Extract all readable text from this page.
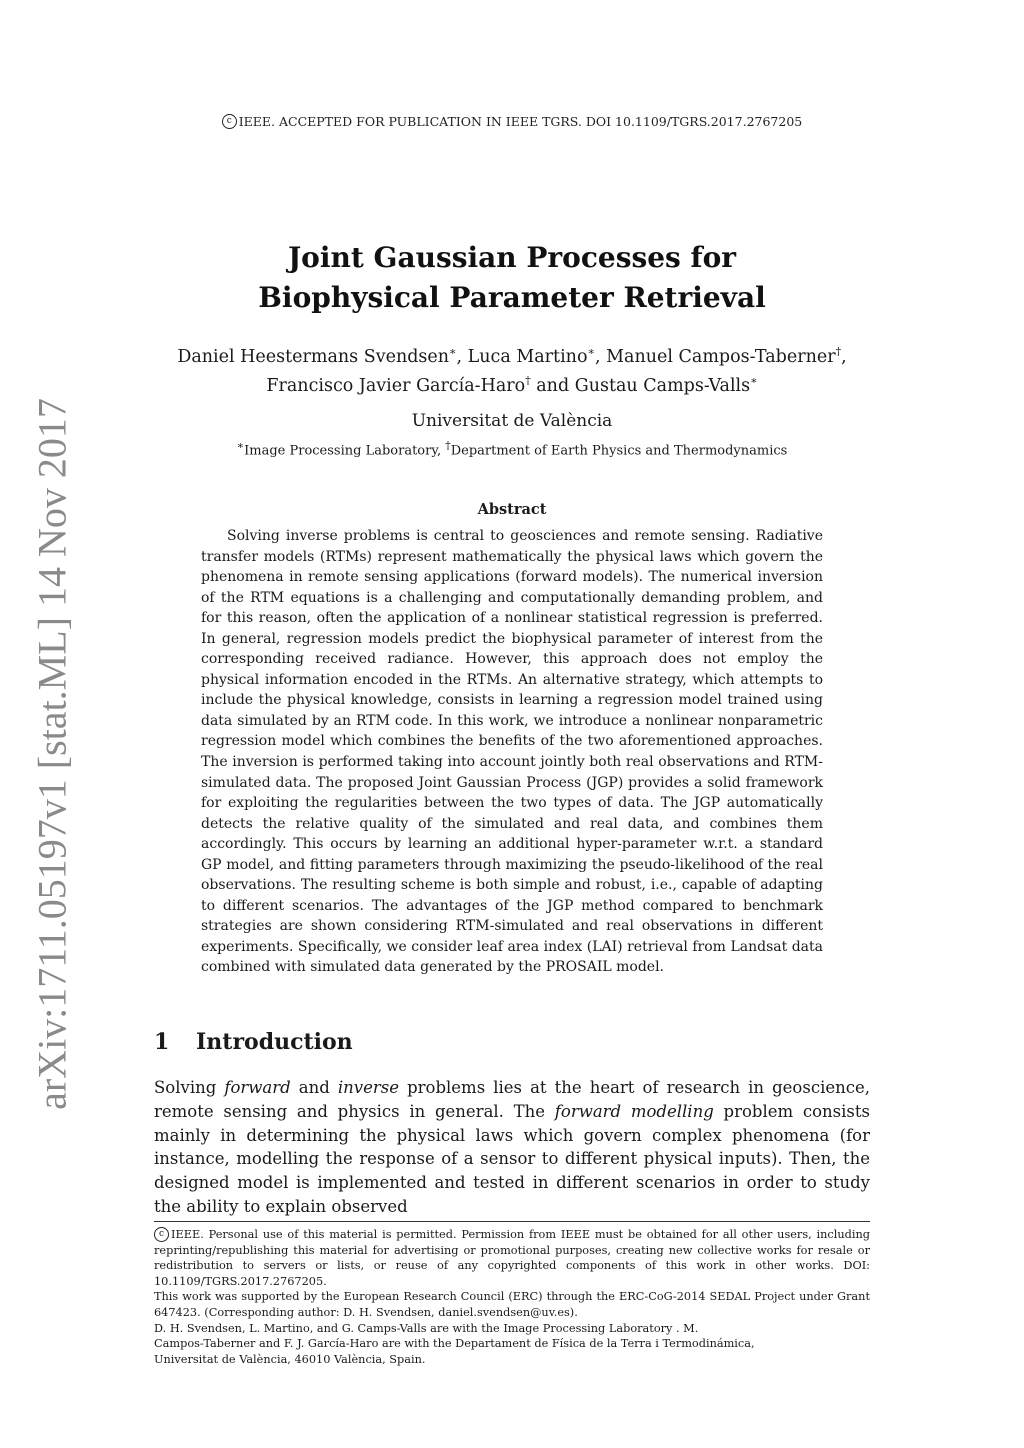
arXiv:1711.05197v1 [stat.ML] 14 Nov 2017
c IEEE. ACCEPTED FOR PUBLICATION IN IEEE TGRS. DOI 10.1109/TGRS.2017.2767205
Joint Gaussian Processes for
Biophysical Parameter Retrieval
Daniel Heestermans Svendsen∗, Luca Martino∗, Manuel Campos-Taberner†,
Francisco Javier García-Haro† and Gustau Camps-Valls∗
Universitat de València
∗Image Processing Laboratory, †Department of Earth Physics and Thermodynamics
Abstract

Solving inverse problems is central to geosciences and remote sensing. Radiative transfer models (RTMs) represent mathematically the physical laws which govern the phenomena in remote sensing applications (forward models). The numerical inversion of the RTM equations is a challenging and computationally demanding problem, and for this reason, often the application of a nonlinear statistical regression is preferred. In general, regression models predict the biophysical parameter of interest from the corresponding received radiance. However, this approach does not employ the physical information encoded in the RTMs. An alternative strategy, which attempts to include the physical knowledge, consists in learning a regression model trained using data simulated by an RTM code. In this work, we introduce a nonlinear nonparametric regression model which combines the benefits of the two aforementioned approaches. The inversion is performed taking into account jointly both real observations and RTM-simulated data. The proposed Joint Gaussian Process (JGP) provides a solid framework for exploiting the regularities between the two types of data. The JGP automatically detects the relative quality of the simulated and real data, and combines them accordingly. This occurs by learning an additional hyper-parameter w.r.t. a standard GP model, and fitting parameters through maximizing the pseudo-likelihood of the real observations. The resulting scheme is both simple and robust, i.e., capable of adapting to different scenarios. The advantages of the JGP method compared to benchmark strategies are shown considering RTM-simulated and real observations in different experiments. Specifically, we consider leaf area index (LAI) retrieval from Landsat data combined with simulated data generated by the PROSAIL model.

1 Introduction

Solving forward and inverse problems lies at the heart of research in geoscience, remote sensing and physics in general. The forward modelling problem consists mainly in determining the physical laws which govern complex phenomena (for instance, modelling the response of a sensor to different physical inputs). Then, the designed model is implemented and tested in different scenarios in order to study the ability to explain observed

c IEEE. Personal use of this material is permitted. Permission from IEEE must be obtained for all other users, including reprinting/republishing this material for advertising or promotional purposes, creating new collective works for resale or redistribution to servers or lists, or reuse of any copyrighted components of this work in other works. DOI: 10.1109/TGRS.2017.2767205.

This work was supported by the European Research Council (ERC) through the ERC-CoG-2014 SEDAL Project under Grant 647423. (Corresponding author: D. H. Svendsen, daniel.svendsen@uv.es).

D. H. Svendsen, L. Martino, and G. Camps-Valls are with the Image Processing Laboratory . M.

Campos-Taberner and F. J. García-Haro are with the Departament de Física de la Terra i Termodinámica,

Universitat de València, 46010 València, Spain.
